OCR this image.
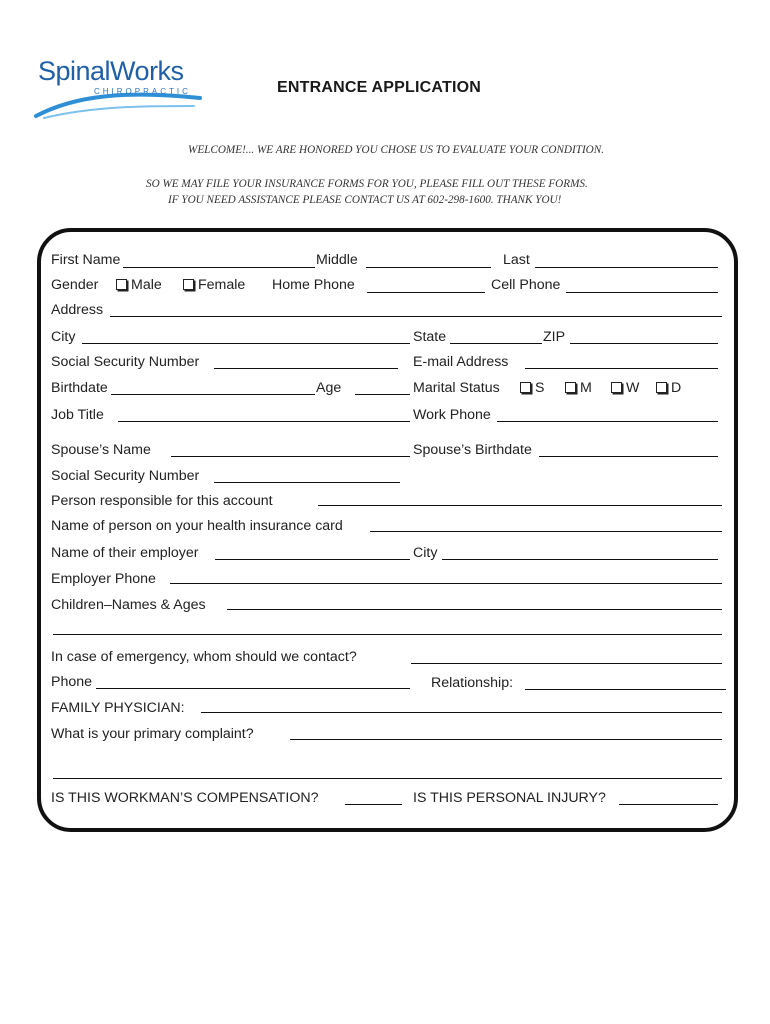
SpinalWorks
CHIROPRACTIC	ENTRANCE APPLICATION
WELCOME!... WE ARE HONORED YOU CHOSE US TO EVALUATE YOUR CONDITION.
SO WE MAY FILE YOUR INSURANCE FORMS FOR YOU, PLEASE FILL OUT THESE FORMS.
IF YOU NEED ASSISTANCE PLEASE CONTACT US AT 602-298-1600. THANK YOU!
First Name	Middle	Last
Gender	Male	Female Home Phone	Cell Phone
Address
City	State	ZIP
Social Security Number	E-mail Address
Birthdate	Age	Marital Status	S	M	W	D
Job Title	Work Phone
Spouse’s Name	Spouse’s Birthdate
Social Security Number
Person responsible for this account
Name of person on your health insurance card
Name of their employer	City
Employer Phone
Children–Names & Ages
In case of emergency, whom should we contact?
Phone	Relationship:
FAMILY PHYSICIAN:
What is your primary complaint?
IS THIS WORKMAN’S COMPENSATION?	IS THIS PERSONAL INJURY?
